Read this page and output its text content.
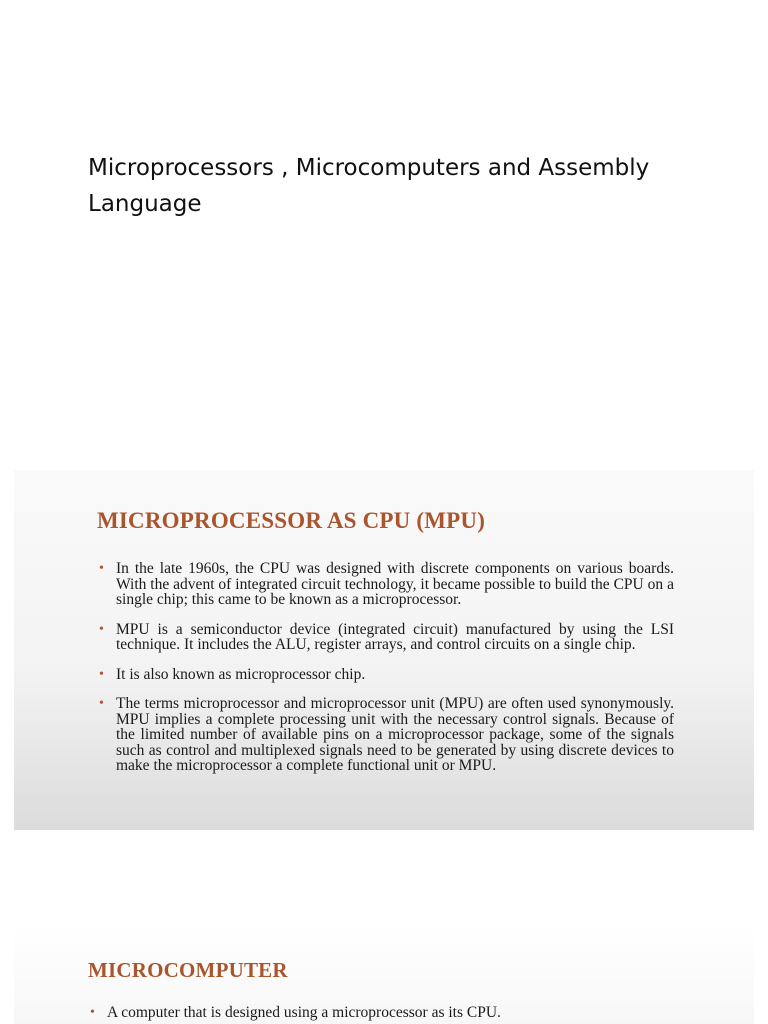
Microprocessors , Microcomputers and Assembly Language
MICROPROCESSOR AS CPU (MPU)
• In the late 1960s, the CPU was designed with discrete components on various boards. With the advent of integrated circuit technology, it became possible to build the CPU on a single chip; this came to be known as a microprocessor.
• MPU is a semiconductor device (integrated circuit) manufactured by using the LSI technique. It includes the ALU, register arrays, and control circuits on a single chip.
• It is also known as microprocessor chip.
• The terms microprocessor and microprocessor unit (MPU) are often used synonymously. MPU implies a complete processing unit with the necessary control signals. Because of the limited number of available pins on a microprocessor package, some of the signals such as control and multiplexed signals need to be generated by using discrete devices to make the microprocessor a complete functional unit or MPU.
MICROCOMPUTER
• A computer that is designed using a microprocessor as its CPU.
